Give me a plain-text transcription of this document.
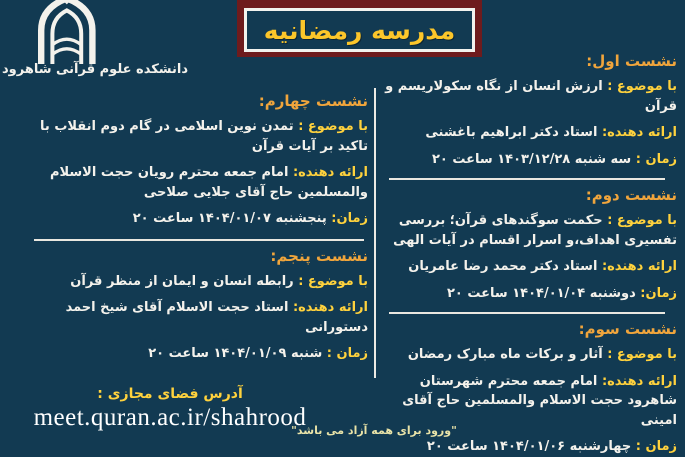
دانشکده علوم قرآنی شاهرود
مدرسه رمضانیه
نشست اول:

با موضوع : ارزش انسان از نگاه سکولاریسم و قرآن

ارائه دهنده: استاد دکتر ابراهیم باغشنی

زمان : سه شنبه ۱۴۰۳/۱۲/۲۸ ساعت ۲۰

نشست دوم:

با موضوع : حکمت سوگندهای قرآن؛ بررسی تفسیری اهداف،و اسرار اقسام در آیات الهی

ارائه دهنده: استاد دکتر محمد رضا عامریان

زمان: دوشنبه ۱۴۰۴/۰۱/۰۴ ساعت ۲۰

نشست سوم:

با موضوع : آثار و برکات ماه مبارک رمضان

ارائه دهنده: امام جمعه محترم شهرستان شاهرود حجت الاسلام والمسلمین حاج آقای امینی

زمان : چهارشنبه ۱۴۰۴/۰۱/۰۶ ساعت ۲۰

نشست چهارم:

با موضوع : تمدن نوین اسلامی در گام دوم انقلاب با تاکید بر آیات قرآن

ارائه دهنده: امام جمعه محترم رویان حجت الاسلام والمسلمین حاج آقای جلایی صلاحی

زمان: پنجشنبه ۱۴۰۴/۰۱/۰۷ ساعت ۲۰

نشست پنجم:

با موضوع : رابطه انسان و ایمان از منظر قرآن

ارائه دهنده: استاد حجت الاسلام آقای شیخ احمد دستورانی

زمان : شنبه ۱۴۰۴/۰۱/۰۹ ساعت ۲۰

آدرس فضای مجازی :
meet.quran.ac.ir/shahrood
"ورود برای همه آزاد می باشد"
